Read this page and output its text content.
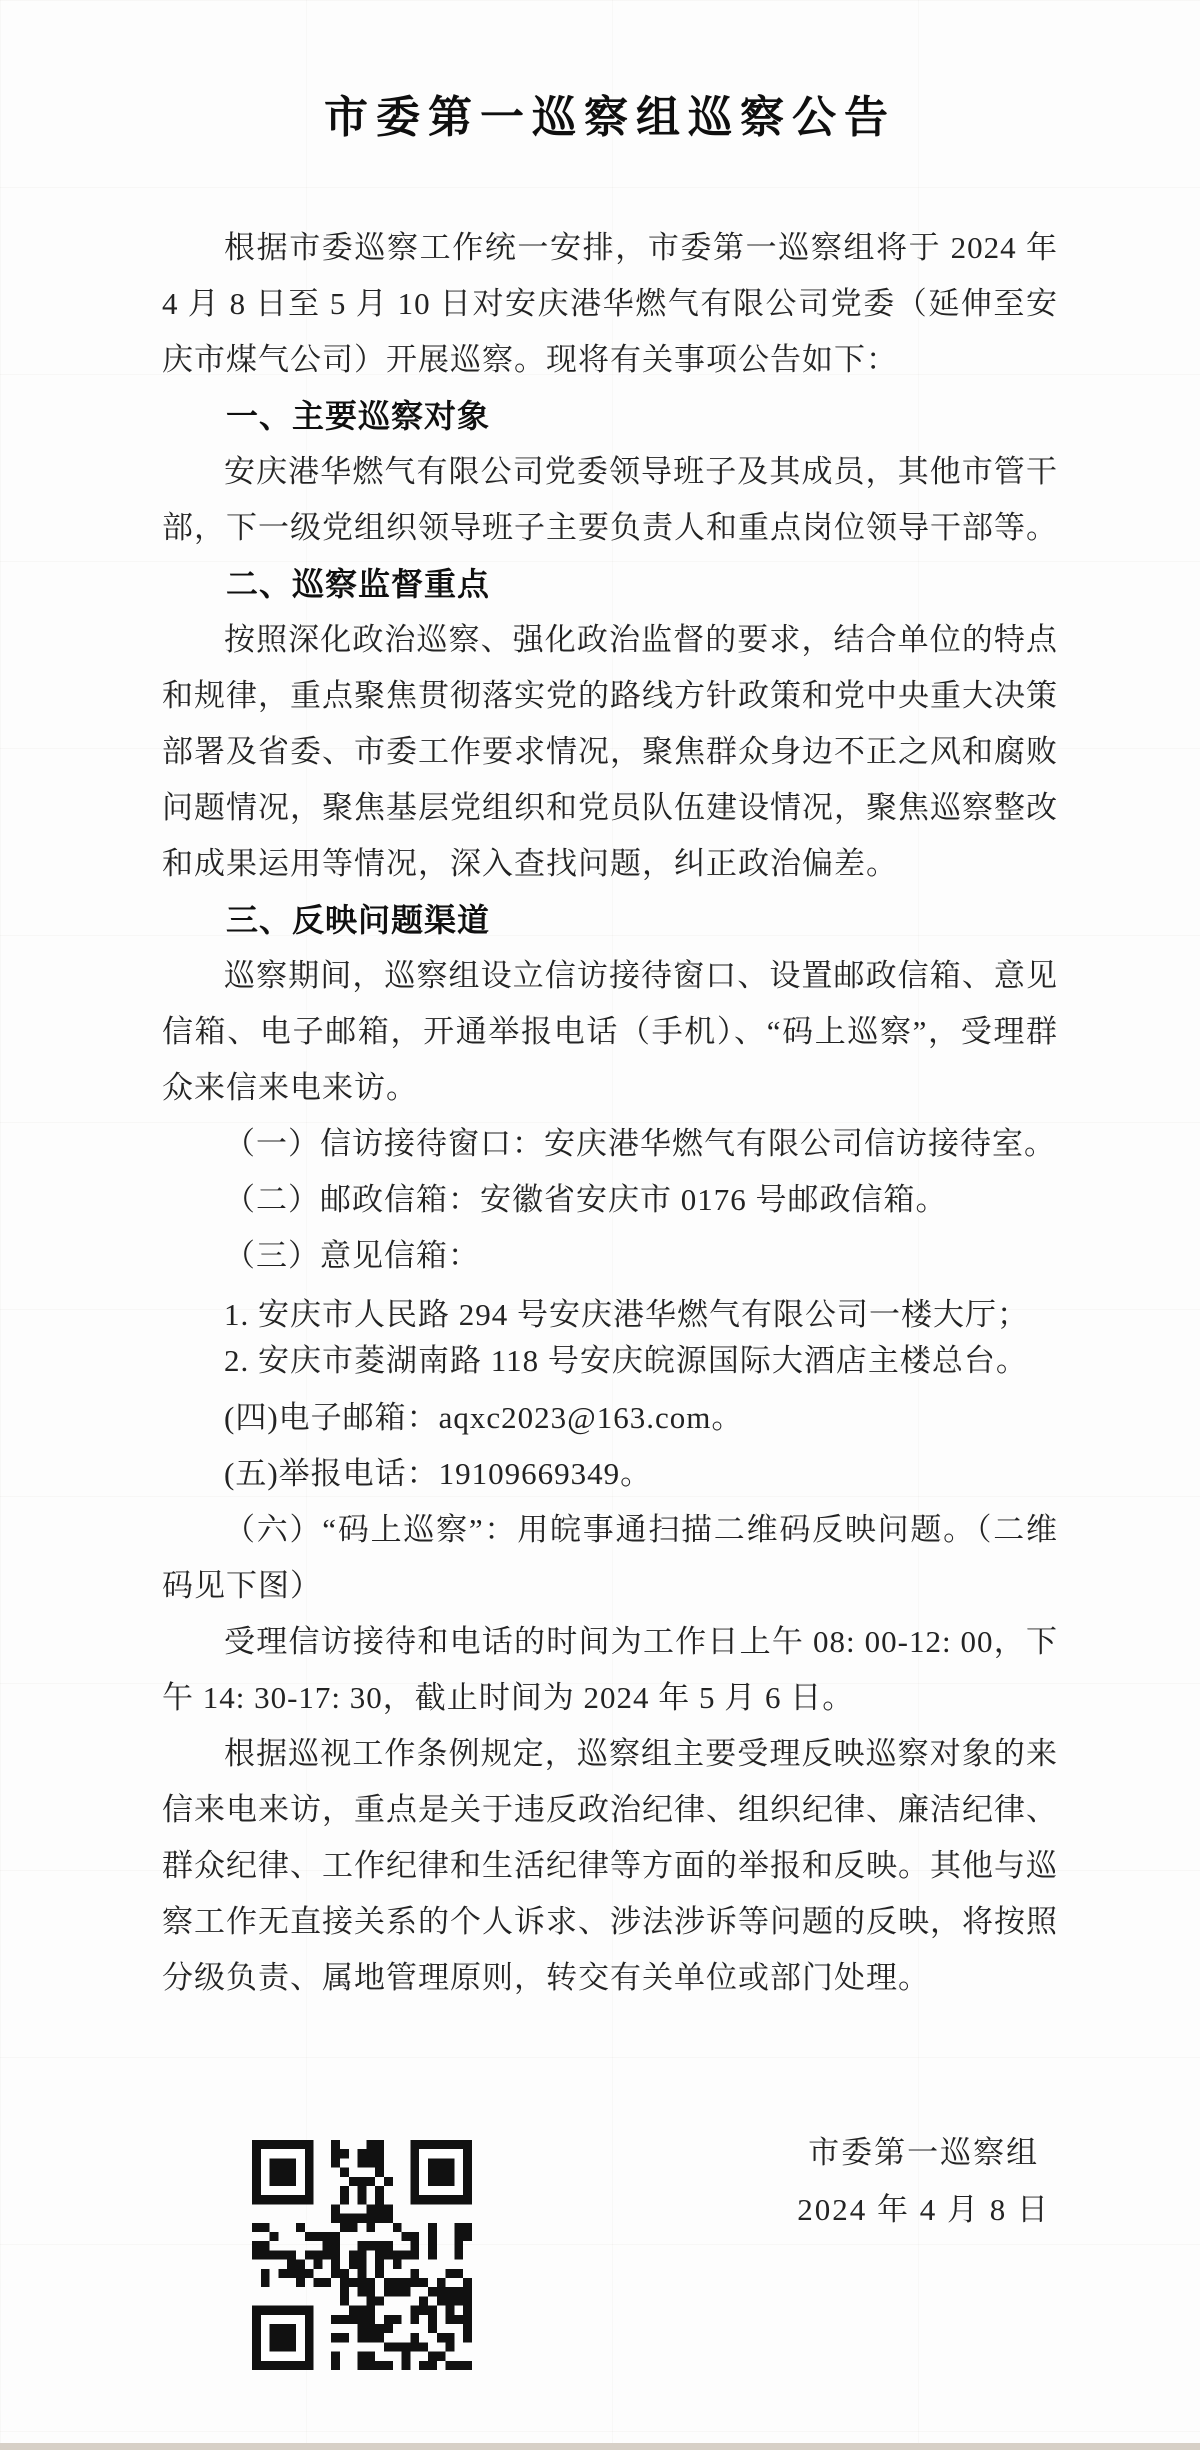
市委第一巡察组巡察公告

根据市委巡察工作统一安排，市委第一巡察组将于 2024 年 4 月 8 日至 5 月 10 日对安庆港华燃气有限公司党委（延伸至安庆市煤气公司）开展巡察。现将有关事项公告如下：

一、主要巡察对象

安庆港华燃气有限公司党委领导班子及其成员，其他市管干部，下一级党组织领导班子主要负责人和重点岗位领导干部等。

二、巡察监督重点

按照深化政治巡察、强化政治监督的要求，结合单位的特点和规律，重点聚焦贯彻落实党的路线方针政策和党中央重大决策部署及省委、市委工作要求情况，聚焦群众身边不正之风和腐败问题情况，聚焦基层党组织和党员队伍建设情况，聚焦巡察整改和成果运用等情况，深入查找问题，纠正政治偏差。

三、反映问题渠道

巡察期间，巡察组设立信访接待窗口、设置邮政信箱、意见信箱、电子邮箱，开通举报电话（手机）、“码上巡察”，受理群众来信来电来访。

（一）信访接待窗口：安庆港华燃气有限公司信访接待室。

（二）邮政信箱：安徽省安庆市 0176 号邮政信箱。

（三）意见信箱：

1. 安庆市人民路 294 号安庆港华燃气有限公司一楼大厅；

2. 安庆市菱湖南路 118 号安庆皖源国际大酒店主楼总台。

(四)电子邮箱：aqxc2023@163.com。

(五)举报电话：19109669349。

（六）“码上巡察”：用皖事通扫描二维码反映问题。（二维码见下图）

受理信访接待和电话的时间为工作日上午 08: 00-12: 00，下午 14: 30-17: 30，截止时间为 2024 年 5 月 6 日。

根据巡视工作条例规定，巡察组主要受理反映巡察对象的来信来电来访，重点是关于违反政治纪律、组织纪律、廉洁纪律、群众纪律、工作纪律和生活纪律等方面的举报和反映。其他与巡察工作无直接关系的个人诉求、涉法涉诉等问题的反映，将按照分级负责、属地管理原则，转交有关单位或部门处理。

市委第一巡察组
2024 年 4 月 8 日
